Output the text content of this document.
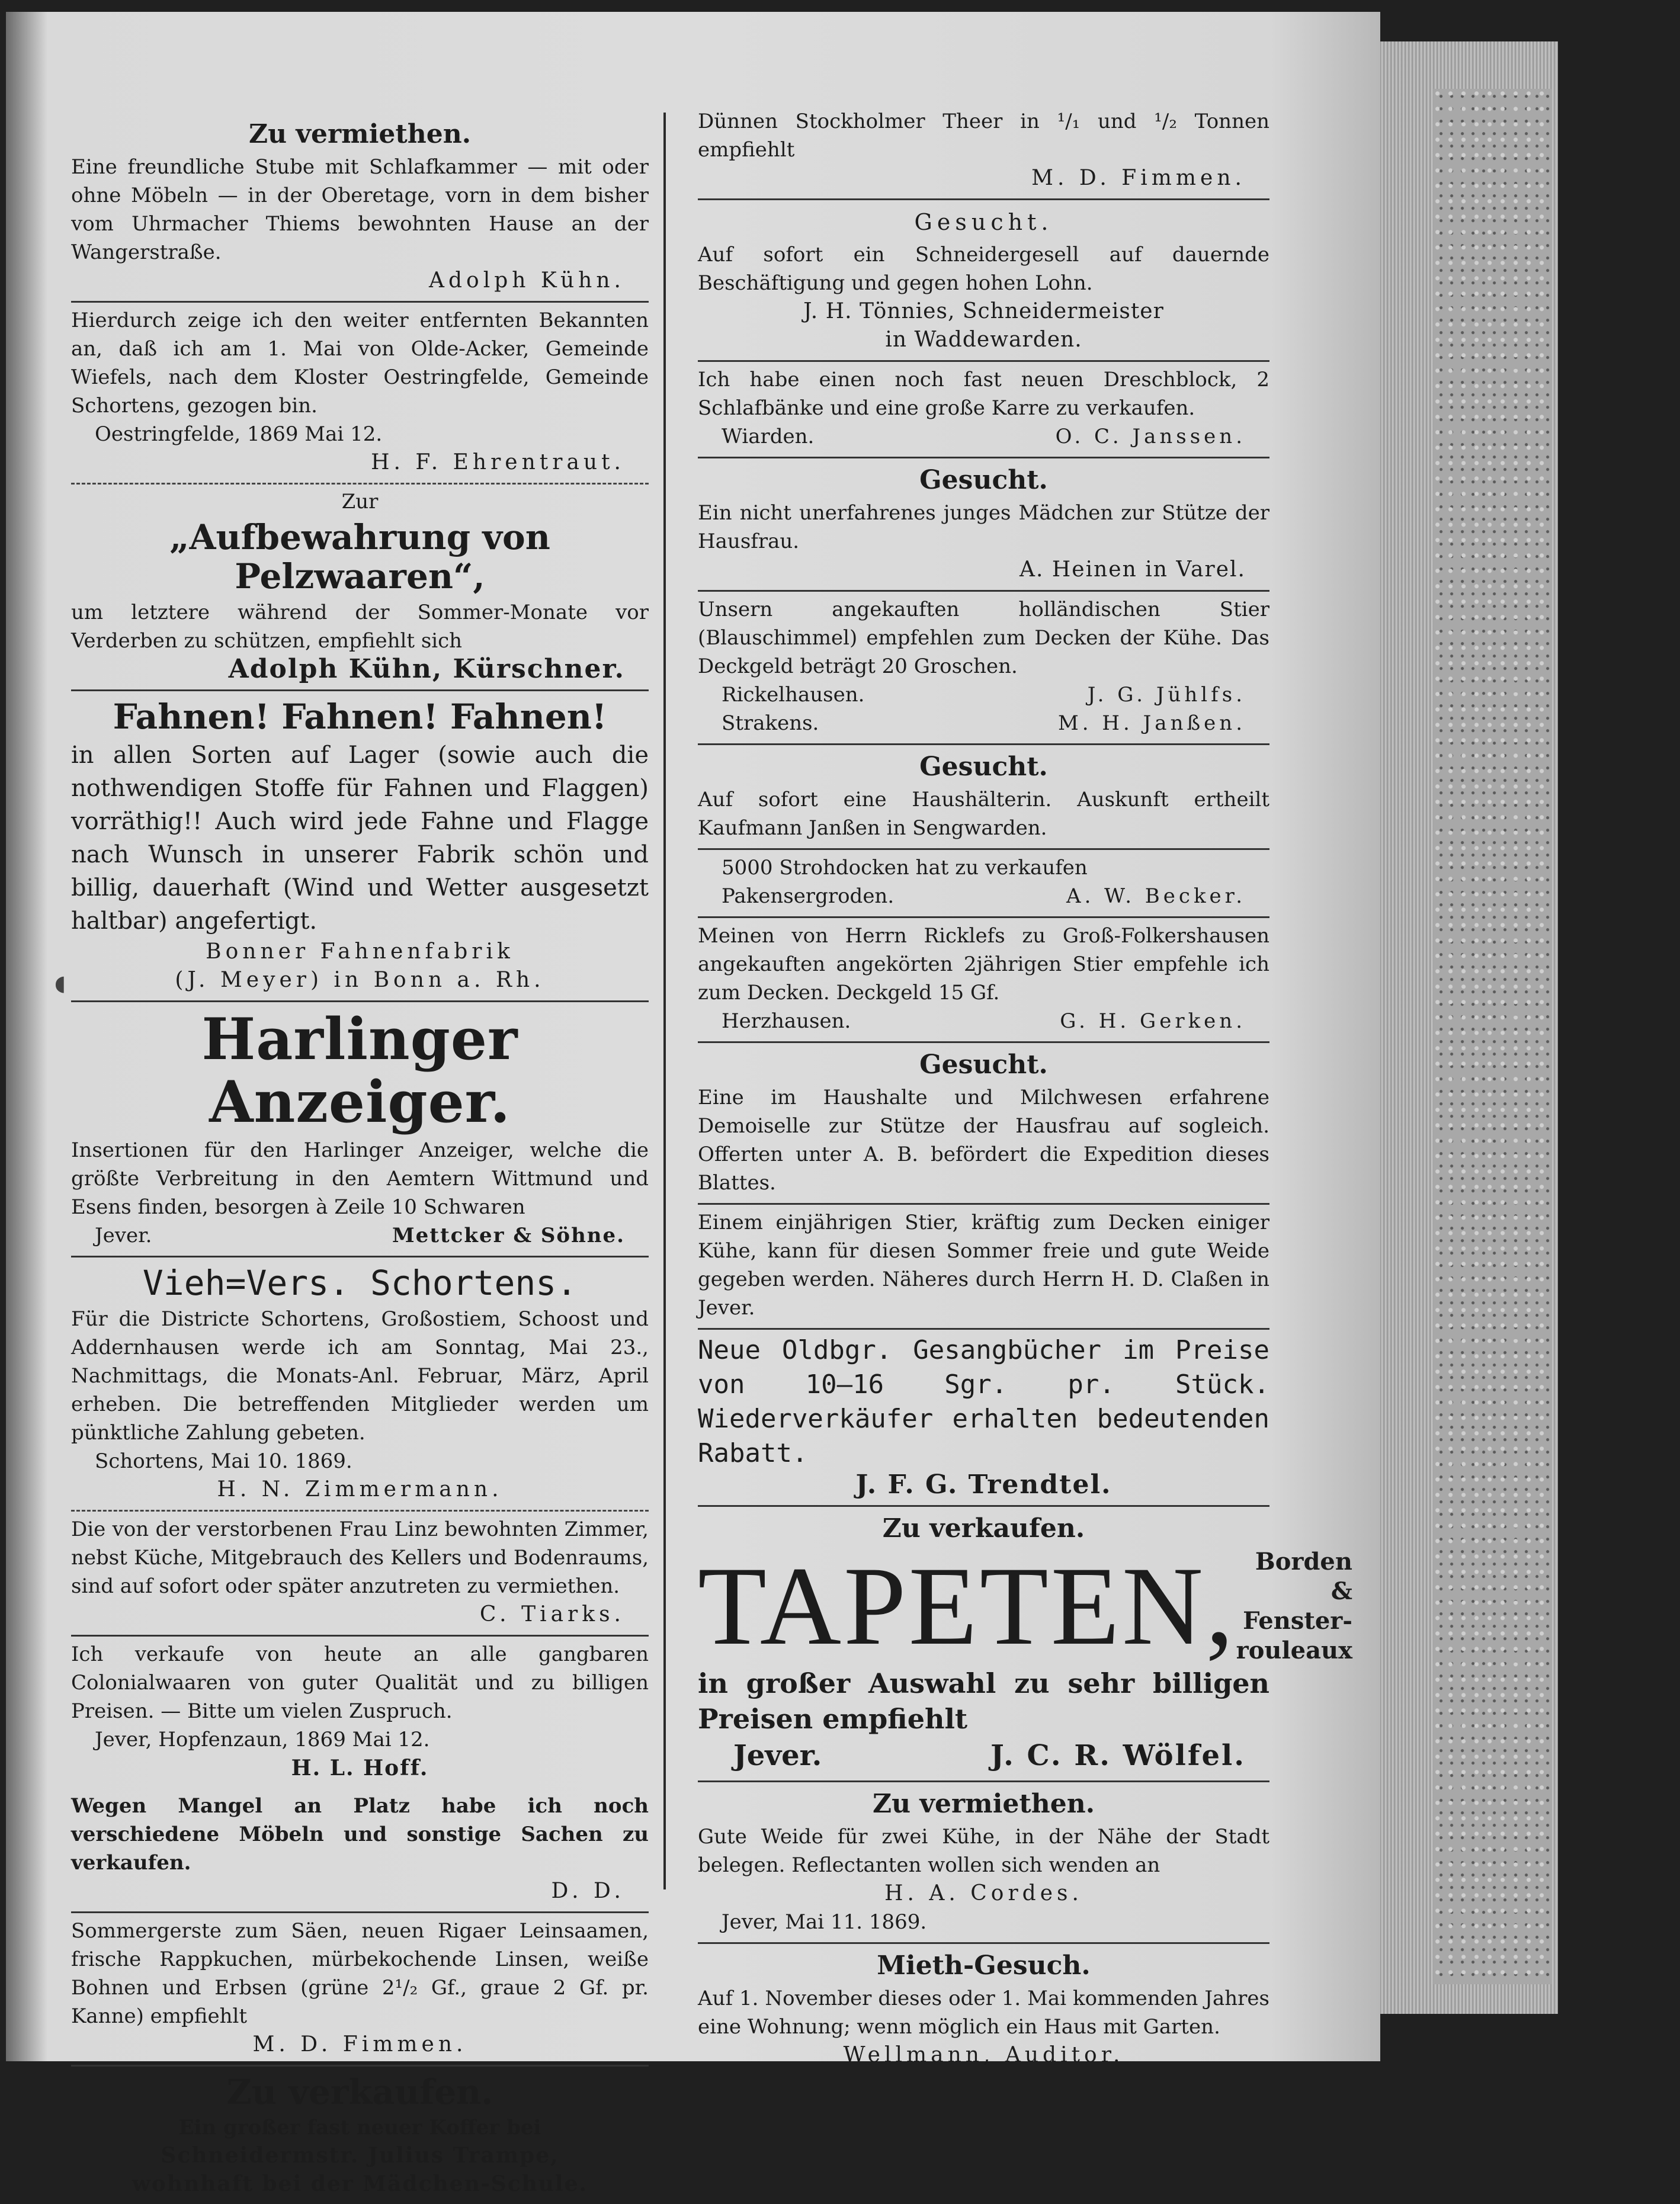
◖
Zu vermiethen.

Eine freundliche Stube mit Schlafkammer — mit oder ohne Möbeln — in der Oberetage, vorn in dem bisher vom Uhrmacher Thiems bewohnten Hause an der Wangerstraße.

Adolph Kühn.

Hierdurch zeige ich den weiter entfernten Bekannten an, daß ich am 1. Mai von Olde-Acker, Gemeinde Wiefels, nach dem Kloster Oestringfelde, Gemeinde Schortens, gezogen bin.

Oestringfelde, 1869 Mai 12.
H. F. Ehrentraut.
Zur
„Aufbewahrung von Pelzwaaren“,

um letztere während der Sommer-Monate vor Verderben zu schützen, empfiehlt sich

Adolph Kühn, Kürschner.
Fahnen! Fahnen! Fahnen!

in allen Sorten auf Lager (sowie auch die nothwendigen Stoffe für Fahnen und Flaggen) vorräthig!! Auch wird jede Fahne und Flagge nach Wunsch in unserer Fabrik schön und billig, dauerhaft (Wind und Wetter ausgesetzt haltbar) angefertigt.

Bonner Fahnenfabrik
(J. Meyer) in Bonn a. Rh.
Harlinger Anzeiger.

Insertionen für den Harlinger Anzeiger, welche die größte Verbreitung in den Aemtern Wittmund und Esens finden, besorgen à Zeile 10 Schwaren

Jever.	Mettcker & Söhne.
Vieh=Vers. Schortens.

Für die Districte Schortens, Großostiem, Schoost und Addernhausen werde ich am Sonntag, Mai 23., Nachmittags, die Monats-Anl. Februar, März, April erheben. Die betreffenden Mitglieder werden um pünktliche Zahlung gebeten.

Schortens, Mai 10. 1869.
H. N. Zimmermann.

Die von der verstorbenen Frau Linz bewohnten Zimmer, nebst Küche, Mitgebrauch des Kellers und Bodenraums, sind auf sofort oder später anzutreten zu vermiethen.

C. Tiarks.

Ich verkaufe von heute an alle gangbaren Colonialwaaren von guter Qualität und zu billigen Preisen. — Bitte um vielen Zuspruch.

Jever, Hopfenzaun, 1869 Mai 12.
H. L. Hoff.

Wegen Mangel an Platz habe ich noch verschiedene Möbeln und sonstige Sachen zu verkaufen.

D. D.

Sommergerste zum Säen, neuen Rigaer Leinsaamen, frische Rappkuchen, mürbekochende Linsen, weiße Bohnen und Erbsen (grüne 2¹/₂ Gf., graue 2 Gf. pr. Kanne) empfiehlt

M. D. Fimmen.
Zu verkaufen.
Ein großer fast neuer Koffer bei
Schneidermstr. Julius Trampe,
wohnhaft bei der Mädchen-Schule.

Dünnen Stockholmer Theer in ¹/₁ und ¹/₂ Tonnen empfiehlt

M. D. Fimmen.
Gesucht.

Auf sofort ein Schneidergesell auf dauernde Beschäftigung und gegen hohen Lohn.

J. H. Tönnies, Schneidermeister
in Waddewarden.

Ich habe einen noch fast neuen Dreschblock, 2 Schlafbänke und eine große Karre zu verkaufen.

Wiarden.	O. C. Janssen.
Gesucht.

Ein nicht unerfahrenes junges Mädchen zur Stütze der Hausfrau.

A. Heinen in Varel.

Unsern angekauften holländischen Stier (Blauschimmel) empfehlen zum Decken der Kühe. Das Deckgeld beträgt 20 Groschen.

Rickelhausen.	J. G. Jühlfs.
Strakens.	M. H. Janßen.
Gesucht.

Auf sofort eine Haushälterin. Auskunft ertheilt Kaufmann Janßen in Sengwarden.

5000 Strohdocken hat zu verkaufen

Pakensergroden.	A. W. Becker.

Meinen von Herrn Ricklefs zu Groß-Folkershausen angekauften angekörten 2jährigen Stier empfehle ich zum Decken. Deckgeld 15 Gf.

Herzhausen.	G. H. Gerken.
Gesucht.

Eine im Haushalte und Milchwesen erfahrene Demoiselle zur Stütze der Hausfrau auf sogleich. Offerten unter A. B. befördert die Expedition dieses Blattes.

Einem einjährigen Stier, kräftig zum Decken einiger Kühe, kann für diesen Sommer freie und gute Weide gegeben werden. Näheres durch Herrn H. D. Claßen in Jever.

Neue Oldbgr. Gesangbücher im Preise von 10—16 Sgr. pr. Stück. Wiederverkäufer erhalten bedeutenden Rabatt.

J. F. G. Trendtel.
Zu verkaufen.
TAPETEN, Borden &
Fenster-
rouleaux

in großer Auswahl zu sehr billigen Preisen empfiehlt

Jever.	J. C. R. Wölfel.
Zu vermiethen.

Gute Weide für zwei Kühe, in der Nähe der Stadt belegen. Reflectanten wollen sich wenden an

H. A. Cordes.
Jever, Mai 11. 1869.
Mieth-Gesuch.

Auf 1. November dieses oder 1. Mai kommenden Jahres eine Wohnung; wenn möglich ein Haus mit Garten.

Wellmann, Auditor.
